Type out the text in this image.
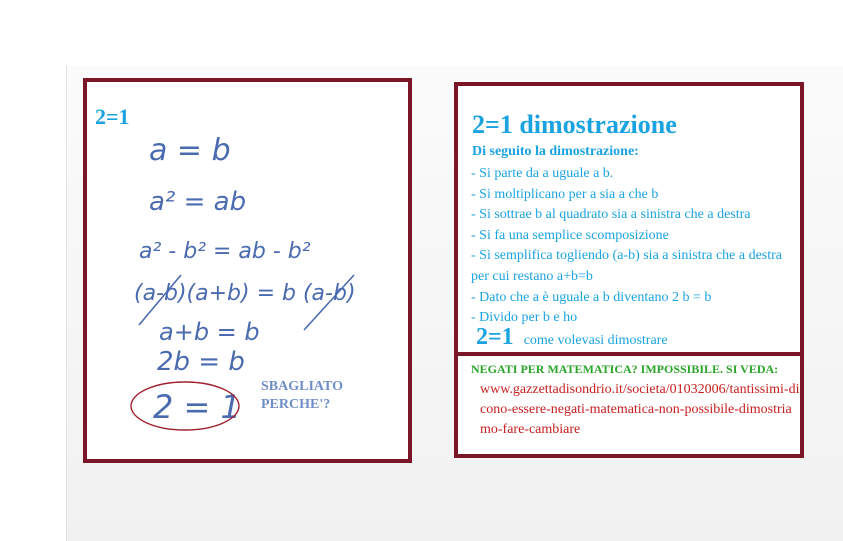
2=1
a = b
a² = ab
a² - b² = ab - b²
(a-b)(a+b) = b (a-b)
a+b = b
2b = b
2 = 1
SBAGLIATO
PERCHE'?
2=1 dimostrazione
Di seguito la dimostrazione:
- Si parte da a uguale a b.
- Si moltiplicano per a sia a che b
- Si sottrae b al quadrato sia a sinistra che a destra
- Si fa una semplice scomposizione
- Si semplifica togliendo (a-b) sia a sinistra che a destra per cui restano a+b=b
- Dato che a è uguale a b diventano 2 b = b
- Divido per b e ho
2=1 come volevasi dimostrare
NEGATI PER MATEMATICA? IMPOSSIBILE. SI VEDA:
www.gazzettadisondrio.it/societa/01032006/tantissimi-dicono-essere-negati-matematica-non-possibile-dimostriamo-fare-cambiare
